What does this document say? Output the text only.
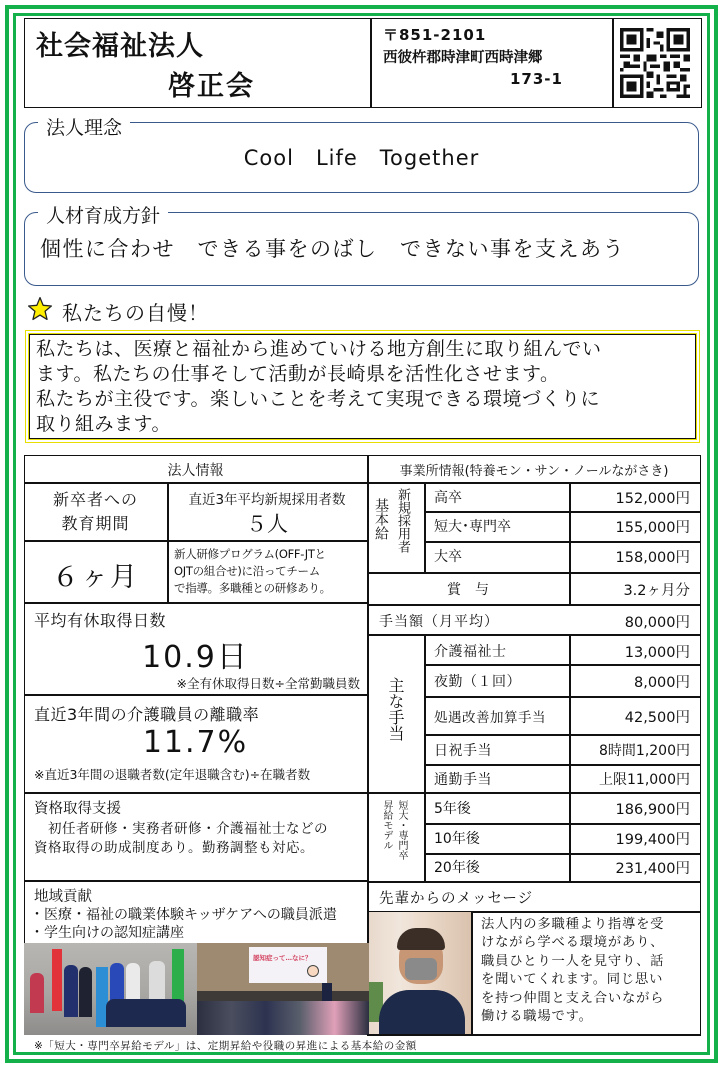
社会福祉法人
啓正会
〒851-2101
西彼杵郡時津町西時津郷
173-1
法人理念
Cool　Life　Together
人材育成方針
個性に合わせ　できる事をのばし　できない事を支えあう
私たちの自慢！
私たちは、医療と福祉から進めていける地方創生に取り組んでい
ます。私たちの仕事そして活動が長崎県を活性化させます。
私たちが主役です。楽しいことを考えて実現できる環境づくりに
取り組みます。
法人情報
新卒者への
教育期間
直近3年平均新規採用者数
５人
６ヶ月
新人研修プログラム(OFF-JTと
OJTの組合せ)に沿ってチーム
で指導。多職種との研修あり。
平均有休取得日数
10.9日
※全有休取得日数÷全常勤職員数
直近3年間の介護職員の離職率
11.7%
※直近3年間の退職者数(定年退職含む)÷在職者数
資格取得支援
　初任者研修・実務者研修・介護福祉士などの
資格取得の助成制度あり。勤務調整も対応。
地域貢献
・医療・福祉の職業体験キッザケアへの職員派遣
・学生向けの認知症講座
認知症って…なに？
事業所情報(特養モン・サン・ノールながさき)
基本給 新規採用者 高卒	152,000円
短大･専門卒	155,000円
大卒	158,000円
賞　与	3.2ヶ月分
手当額（月平均）	80,000円
主な手当
介護福祉士	13,000円
夜勤（１回）	8,000円
処遇改善加算手当	42,500円
日祝手当	8時間1,200円
通勤手当	上限11,000円
昇給モデル 短大・専門卒 5年後	186,900円
10年後	199,400円
20年後	231,400円
先輩からのメッセージ
法人内の多職種より指導を受
けながら学べる環境があり、
職員ひとり一人を見守り、話
を聞いてくれます。同じ思い
を持つ仲間と支え合いながら
働ける職場です。
※「短大・専門卒昇給モデル」は、定期昇給や役職の昇進による基本給の金額
